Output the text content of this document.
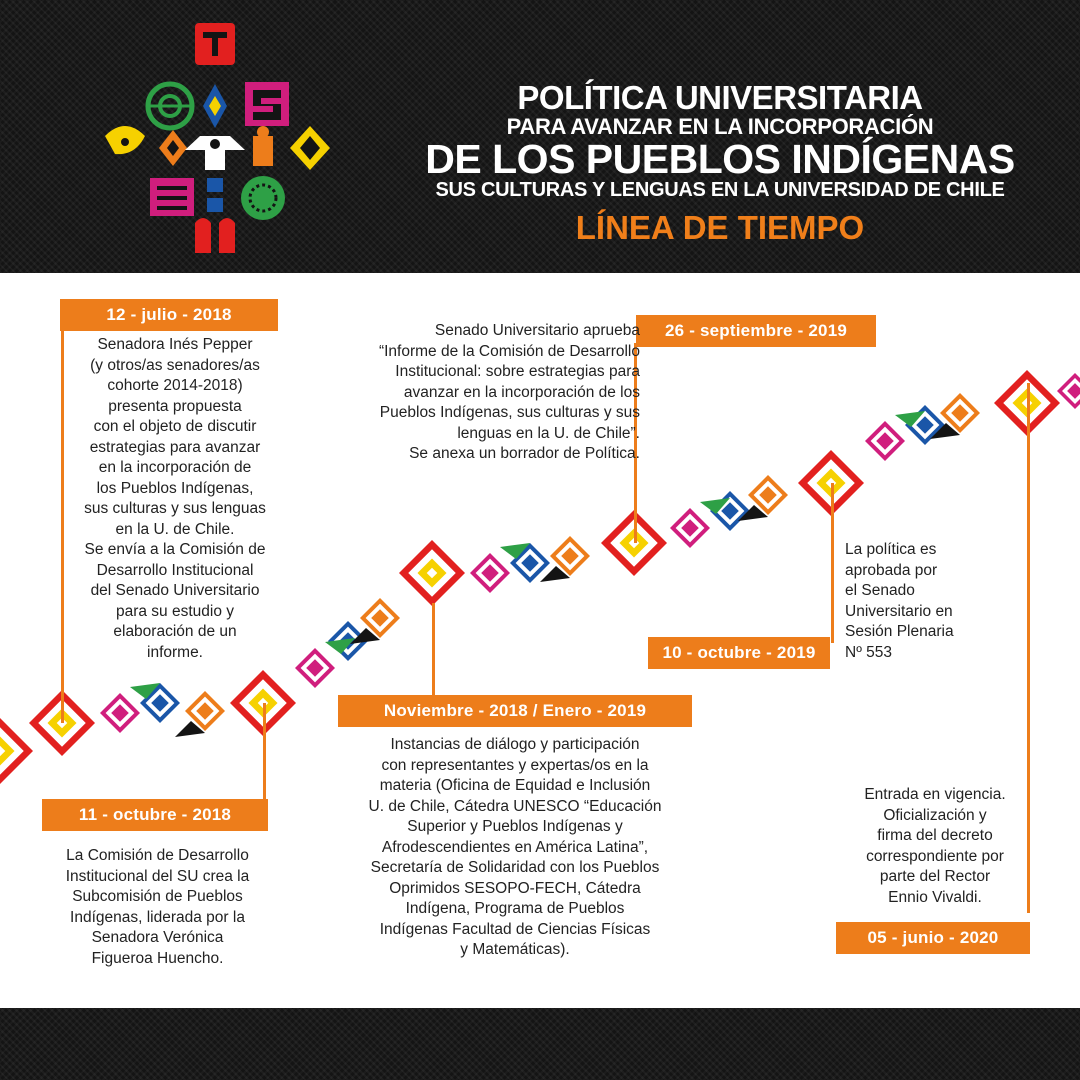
POLÍTICA UNIVERSITARIA
PARA AVANZAR EN LA INCORPORACIÓN
DE LOS PUEBLOS INDÍGENAS
SUS CULTURAS Y LENGUAS EN LA UNIVERSIDAD DE CHILE
LÍNEA DE TIEMPO
12 - julio - 2018
Senadora Inés Pepper
(y otros/as senadores/as
cohorte 2014-2018)
presenta propuesta
con el objeto de discutir
estrategias para avanzar
en la incorporación de
los Pueblos Indígenas,
sus culturas y sus lenguas
en la U. de Chile.
Se envía a la Comisión de
Desarrollo Institucional
del Senado Universitario
para su estudio y
elaboración de un
informe.
11 - octubre - 2018
La Comisión de Desarrollo
Institucional del SU crea la
Subcomisión de Pueblos
Indígenas, liderada por la
Senadora Verónica
Figueroa Huencho.
Noviembre - 2018 / Enero - 2019
Instancias de diálogo y participación
con representantes y expertas/os en la
materia (Oficina de Equidad e Inclusión
U. de Chile, Cátedra UNESCO “Educación
Superior y Pueblos Indígenas y
Afrodescendientes en América Latina”,
Secretaría de Solidaridad con los Pueblos
Oprimidos SESOPO-FECH, Cátedra
Indígena, Programa de Pueblos
Indígenas Facultad de Ciencias Físicas
y Matemáticas).
26 - septiembre - 2019
Senado Universitario aprueba
“Informe de la Comisión de Desarrollo
Institucional: sobre estrategias para
avanzar en la incorporación de los
Pueblos Indígenas, sus culturas y sus
lenguas en la U. de Chile”.
Se anexa un borrador de Política.
10 - octubre - 2019
La política es
aprobada por
el Senado
Universitario en
Sesión Plenaria
Nº 553
05 - junio - 2020
Entrada en vigencia.
Oficialización y
firma del decreto
correspondiente por
parte del Rector
Ennio Vivaldi.
